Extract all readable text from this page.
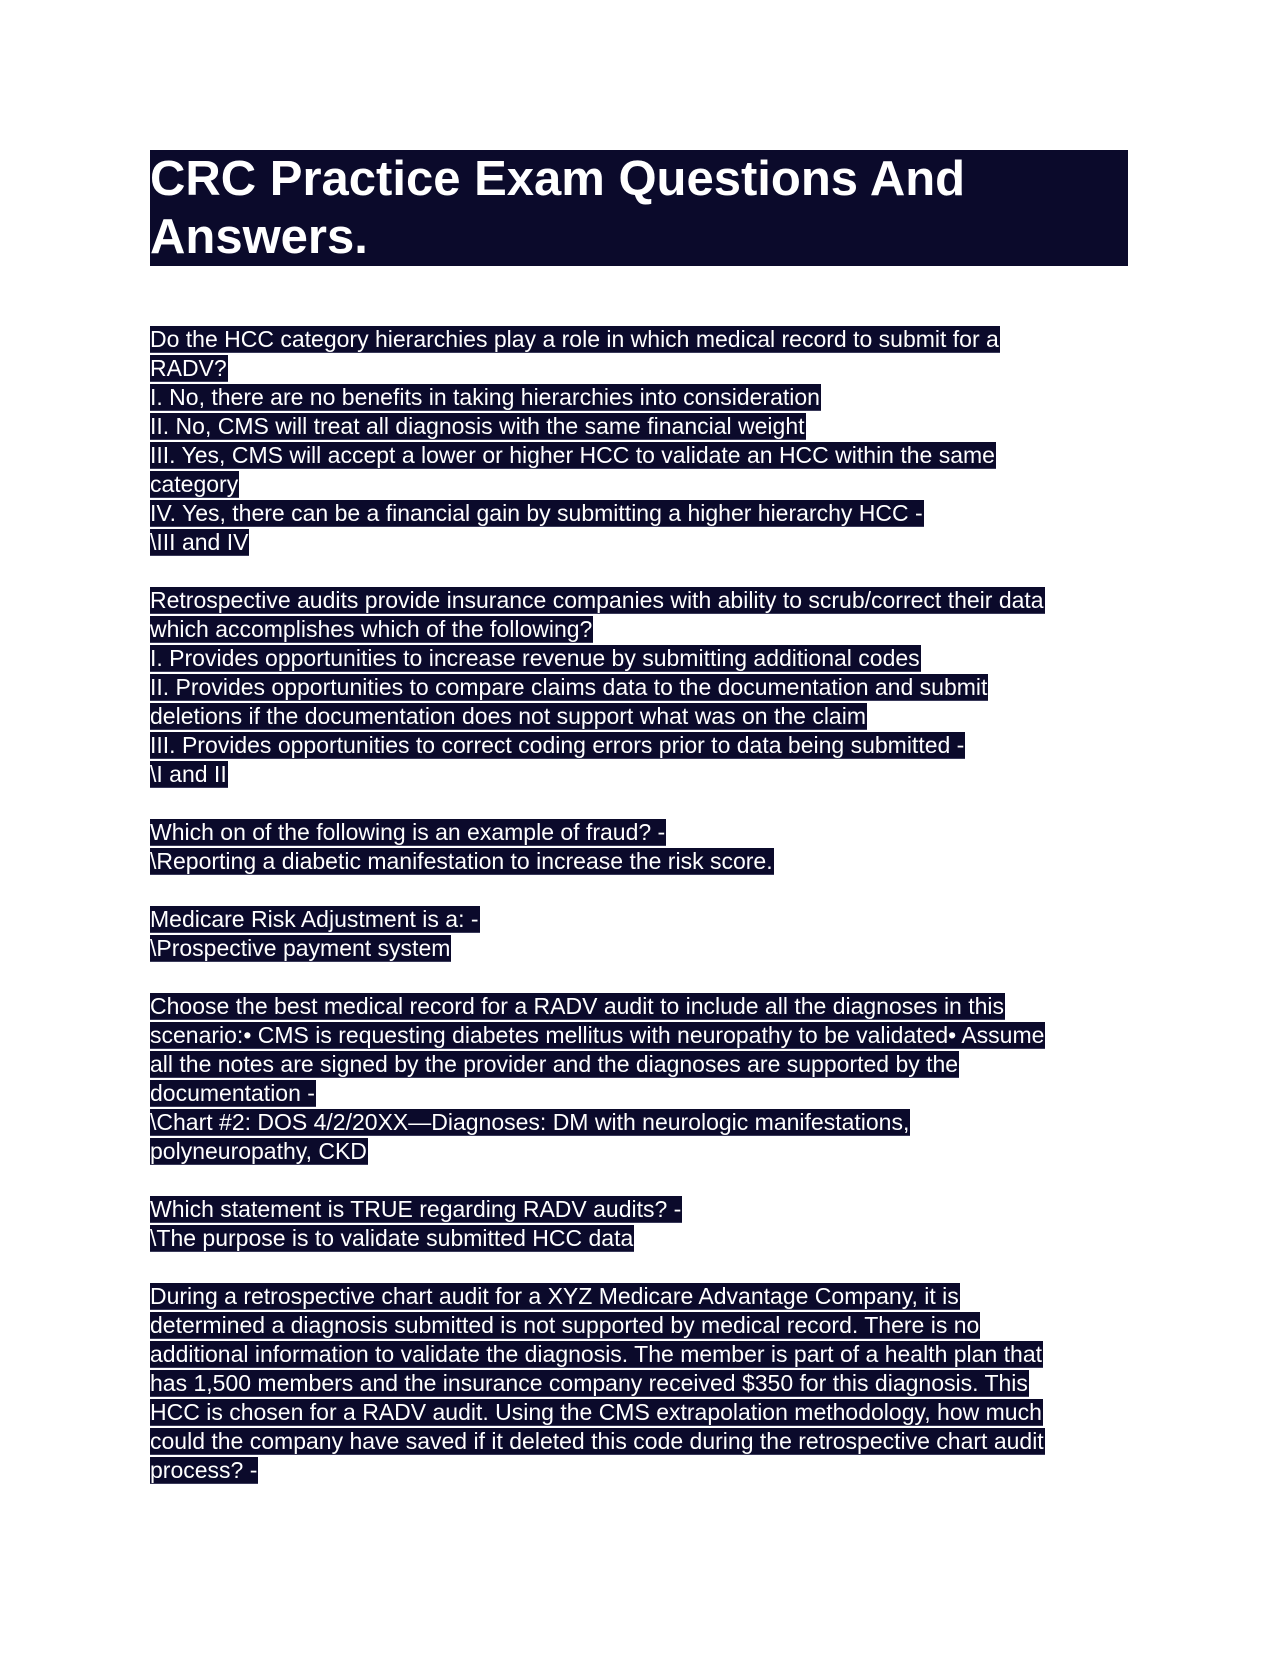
CRC Practice Exam Questions And
Answers.
Do the HCC category hierarchies play a role in which medical record to submit for a
RADV?
I. No, there are no benefits in taking hierarchies into consideration
II. No, CMS will treat all diagnosis with the same financial weight
III. Yes, CMS will accept a lower or higher HCC to validate an HCC within the same
category
IV. Yes, there can be a financial gain by submitting a higher hierarchy HCC -
\III and IV
Retrospective audits provide insurance companies with ability to scrub/correct their data
which accomplishes which of the following?
I. Provides opportunities to increase revenue by submitting additional codes
II. Provides opportunities to compare claims data to the documentation and submit
deletions if the documentation does not support what was on the claim
III. Provides opportunities to correct coding errors prior to data being submitted -
\I and II
Which on of the following is an example of fraud? -
\Reporting a diabetic manifestation to increase the risk score.
Medicare Risk Adjustment is a: -
\Prospective payment system
Choose the best medical record for a RADV audit to include all the diagnoses in this
scenario:• CMS is requesting diabetes mellitus with neuropathy to be validated• Assume
all the notes are signed by the provider and the diagnoses are supported by the
documentation -
\Chart #2: DOS 4/2/20XX—Diagnoses: DM with neurologic manifestations,
polyneuropathy, CKD
Which statement is TRUE regarding RADV audits? -
\The purpose is to validate submitted HCC data
During a retrospective chart audit for a XYZ Medicare Advantage Company, it is
determined a diagnosis submitted is not supported by medical record. There is no
additional information to validate the diagnosis. The member is part of a health plan that
has 1,500 members and the insurance company received $350 for this diagnosis. This
HCC is chosen for a RADV audit. Using the CMS extrapolation methodology, how much
could the company have saved if it deleted this code during the retrospective chart audit
process? -
